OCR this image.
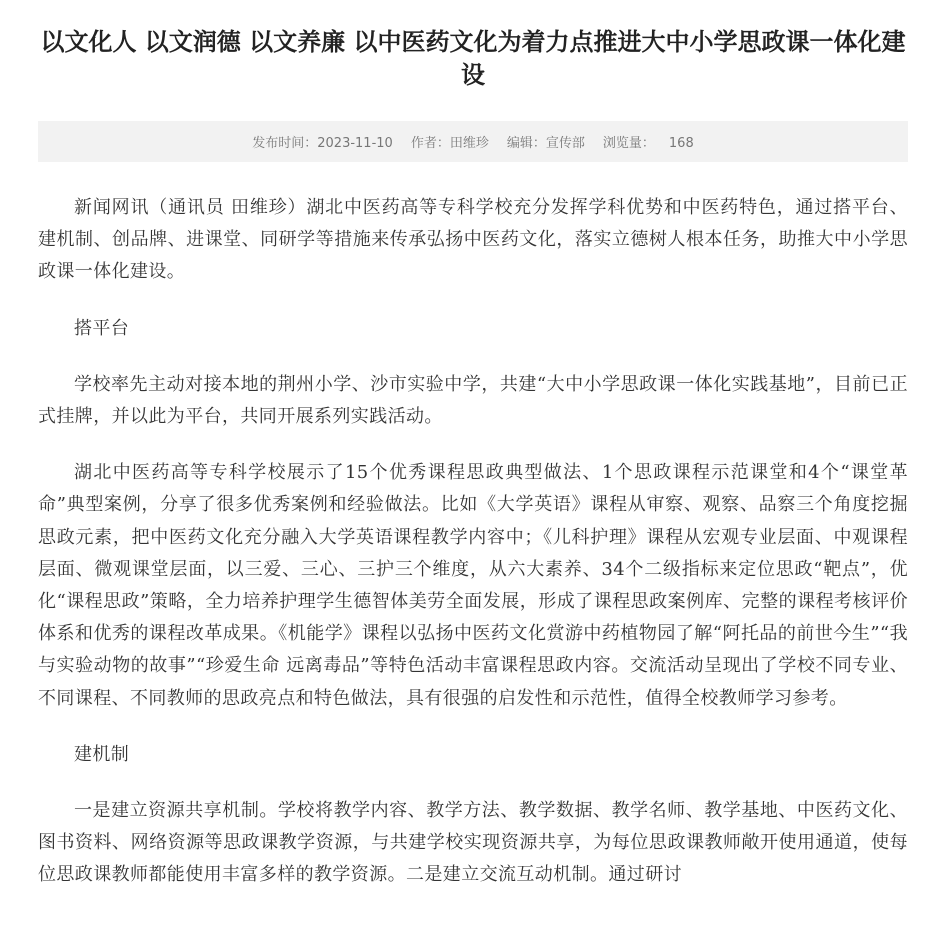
以文化人 以文润德 以文养廉 以中医药文化为着力点推进大中小学思政课一体化建设
发布时间：2023-11-10 作者：田维珍 编辑：宣传部 浏览量： 168

新闻网讯（通讯员 田维珍）湖北中医药高等专科学校充分发挥学科优势和中医药特色，通过搭平台、建机制、创品牌、进课堂、同研学等措施来传承弘扬中医药文化，落实立德树人根本任务，助推大中小学思政课一体化建设。

搭平台

学校率先主动对接本地的荆州小学、沙市实验中学，共建“大中小学思政课一体化实践基地”，目前已正式挂牌，并以此为平台，共同开展系列实践活动。

湖北中医药高等专科学校展示了15个优秀课程思政典型做法、1个思政课程示范课堂和4个“课堂革命”典型案例，分享了很多优秀案例和经验做法。比如《大学英语》课程从审察、观察、品察三个角度挖掘思政元素，把中医药文化充分融入大学英语课程教学内容中；《儿科护理》课程从宏观专业层面、中观课程层面、微观课堂层面，以三爱、三心、三护三个维度，从六大素养、34个二级指标来定位思政“靶点”，优化“课程思政”策略，全力培养护理学生德智体美劳全面发展，形成了课程思政案例库、完整的课程考核评价体系和优秀的课程改革成果。《机能学》课程以弘扬中医药文化赏游中药植物园了解“阿托品的前世今生”“我与实验动物的故事”“珍爱生命 远离毒品”等特色活动丰富课程思政内容。交流活动呈现出了学校不同专业、不同课程、不同教师的思政亮点和特色做法，具有很强的启发性和示范性，值得全校教师学习参考。

建机制

一是建立资源共享机制。学校将教学内容、教学方法、教学数据、教学名师、教学基地、中医药文化、图书资料、网络资源等思政课教学资源，与共建学校实现资源共享，为每位思政课教师敞开使用通道，使每位思政课教师都能使用丰富多样的教学资源。二是建立交流互动机制。通过研讨
